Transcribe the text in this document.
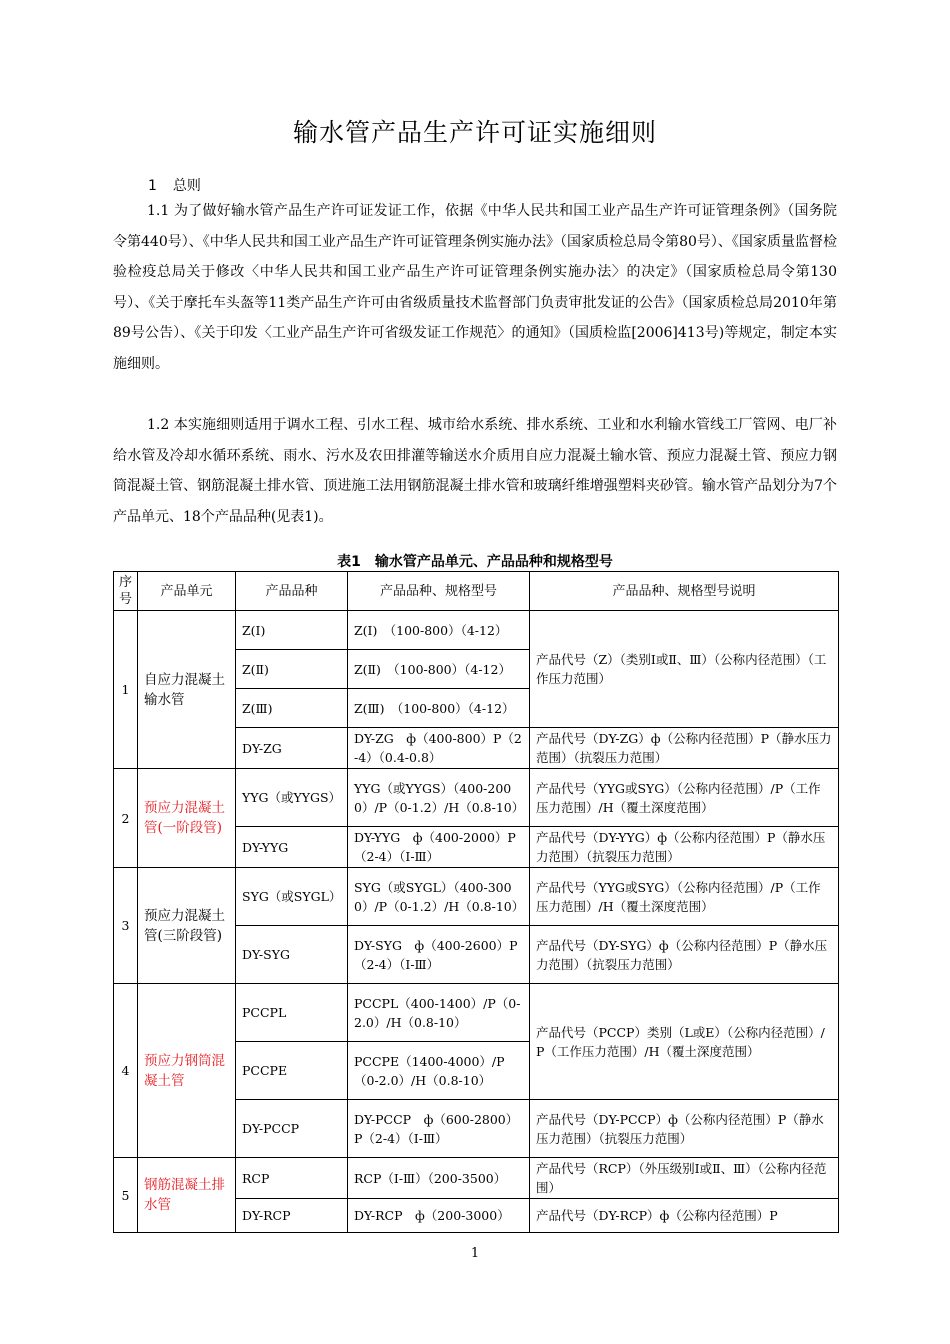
输水管产品生产许可证实施细则
1 总则
1.1 为了做好输水管产品生产许可证发证工作，依据《中华人民共和国工业产品生产许可证管理条例》（国务院令第440号）、《中华人民共和国工业产品生产许可证管理条例实施办法》（国家质检总局令第80号）、《国家质量监督检验检疫总局关于修改〈中华人民共和国工业产品生产许可证管理条例实施办法〉的决定》（国家质检总局令第130号）、《关于摩托车头盔等11类产品生产许可由省级质量技术监督部门负责审批发证的公告》（国家质检总局2010年第89号公告）、《关于印发〈工业产品生产许可省级发证工作规范〉的通知》（国质检监[2006]413号)等规定，制定本实施细则。
1.2 本实施细则适用于调水工程、引水工程、城市给水系统、排水系统、工业和水利输水管线工厂管网、电厂补给水管及冷却水循环系统、雨水、污水及农田排灌等输送水介质用自应力混凝土输水管、预应力混凝土管、预应力钢筒混凝土管、钢筋混凝土排水管、顶进施工法用钢筋混凝土排水管和玻璃纤维增强塑料夹砂管。输水管产品划分为7个产品单元、18个产品品种(见表1)。
表1　输水管产品单元、产品品种和规格型号
序号	产品单元	产品品种	产品品种、规格型号	产品品种、规格型号说明
1	自应力混凝土输水管	Z(Ⅰ)	Z(Ⅰ)　（100-800）（4-12）	产品代号（Z）（类别Ⅰ或Ⅱ、Ⅲ）（公称内径范围）（工作压力范围）
		Z(Ⅱ)	Z(Ⅱ)　（100-800）（4-12）	
		Z(Ⅲ)	Z(Ⅲ)　（100-800）（4-12）	
		DY-ZG	DY-ZG　ф（400-800）P（2-4）（0.4-0.8）	产品代号（DY-ZG）ф（公称内径范围）P（静水压力范围）（抗裂压力范围）
2	预应力混凝土管(一阶段管)	YYG（或YYGS）	YYG（或YYGS）（400-2000）/P（0-1.2）/H（0.8-10）	产品代号（YYG或SYG）（公称内径范围）/P（工作压力范围）/H（覆土深度范围）
		DY-YYG	DY-YYG　ф（400-2000）P（2-4）（Ⅰ-Ⅲ）	产品代号（DY-YYG）ф（公称内径范围）P（静水压力范围）（抗裂压力范围）
3	预应力混凝土管(三阶段管)	SYG（或SYGL）	SYG（或SYGL）（400-3000）/P（0-1.2）/H（0.8-10）	产品代号（YYG或SYG）（公称内径范围）/P（工作压力范围）/H（覆土深度范围）
		DY-SYG	DY-SYG　ф（400-2600）P（2-4）（Ⅰ-Ⅲ）	产品代号（DY-SYG）ф（公称内径范围）P（静水压力范围）（抗裂压力范围）
4	预应力钢筒混凝土管	PCCPL	PCCPL（400-1400）/P（0-2.0）/H（0.8-10）	产品代号（PCCP）类别（L或E）（公称内径范围）/P（工作压力范围）/H（覆土深度范围）
		PCCPE	PCCPE（1400-4000）/P（0-2.0）/H（0.8-10）	
		DY-PCCP	DY-PCCP　ф（600-2800）P（2-4）（Ⅰ-Ⅲ）	产品代号（DY-PCCP）ф（公称内径范围）P（静水压力范围）（抗裂压力范围）
5	钢筋混凝土排水管	RCP	RCP（Ⅰ-Ⅲ）（200-3500）	产品代号（RCP）（外压级别Ⅰ或Ⅱ、Ⅲ）（公称内径范围）
		DY-RCP	DY-RCP　ф（200-3000）	产品代号（DY-RCP）ф（公称内径范围）P
1
